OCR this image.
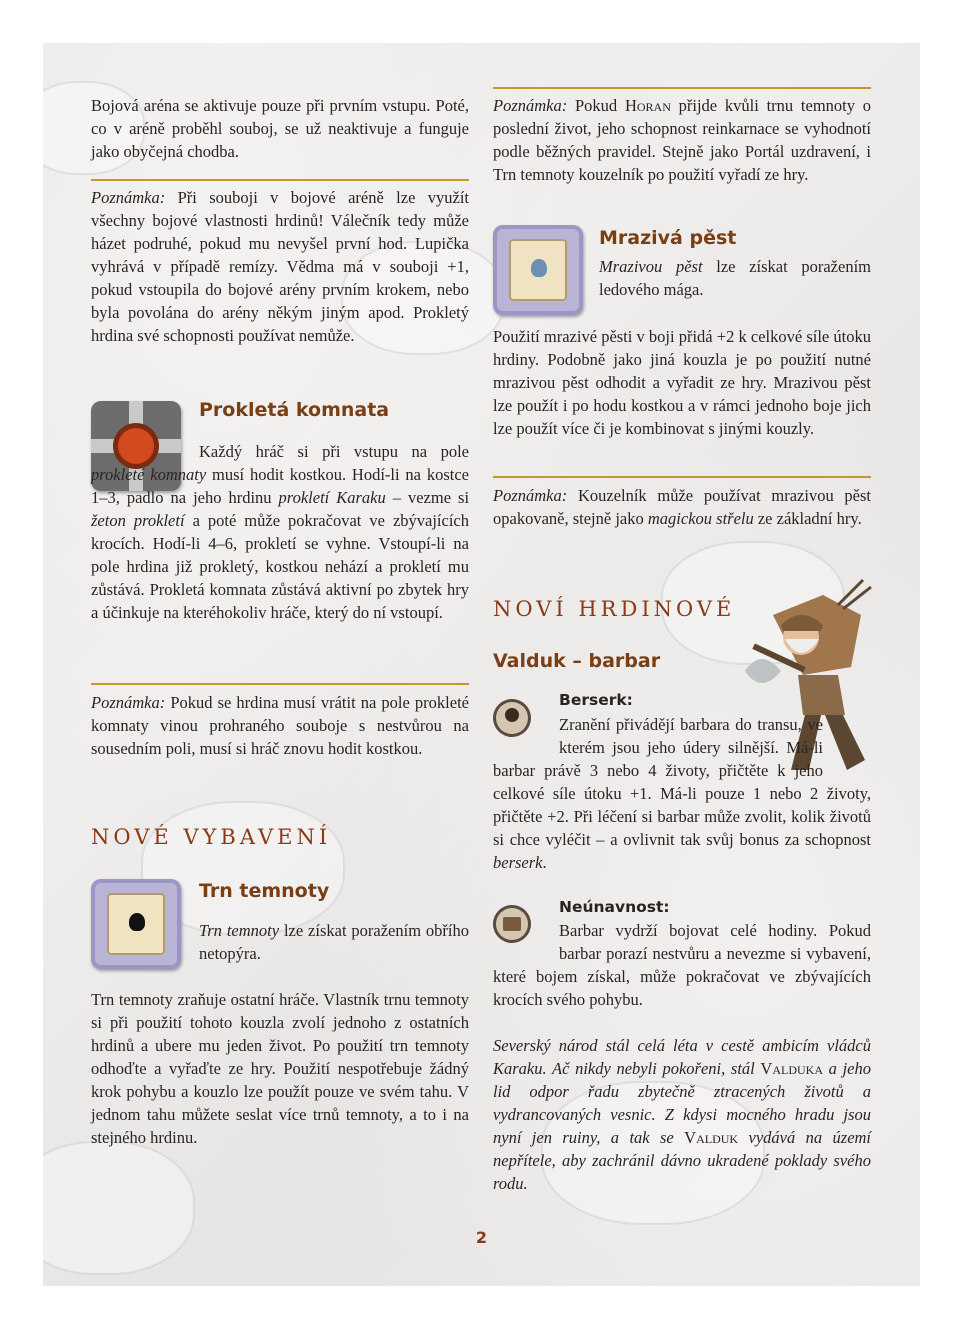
Bojová aréna se aktivuje pouze při prvním vstupu. Poté, co v aréně proběhl souboj, se už neaktivuje a funguje jako obyčejná chodba.

Poznámka: Při souboji v bojové aréně lze využít všechny bojové vlastnosti hrdinů! Válečník tedy může házet podruhé, pokud mu nevyšel první hod. Lupička vyhrává v případě remízy. Vědma má v souboji +1, pokud vstoupila do bojové arény prvním krokem, nebo byla povolána do arény někým jiným apod. Prokletý hrdina své schopnosti používat nemůže.

Prokletá komnata

Každý hráč si při vstupu na pole prokleté komnaty musí hodit kostkou. Hodí-li na kostce 1–3, padlo na jeho hrdinu prokletí Karaku – vezme si žeton prokletí a poté může pokračovat ve zbývajících krocích. Hodí-li 4–6, prokletí se vyhne. Vstoupí-li na pole hrdina již prokletý, kostkou nehází a prokletí mu zůstává. Prokletá komnata zůstává aktivní po zbytek hry a účinkuje na kteréhokoliv hráče, který do ní vstoupí.

Poznámka: Pokud se hrdina musí vrátit na pole prokleté komnaty vinou prohraného souboje s nestvůrou na sousedním poli, musí si hráč znovu hodit kostkou.

NOVÉ VYBAVENÍ
Trn temnoty

Trn temnoty lze získat poražením obřího netopýra.

Trn temnoty zraňuje ostatní hráče. Vlastník trnu temnoty si při použití tohoto kouzla zvolí jednoho z ostatních hrdinů a ubere mu jeden život. Po použití trn temnoty odhoďte a vyřaďte ze hry. Použití nespotřebuje žádný krok pohybu a kouzlo lze použít pouze ve svém tahu. V jednom tahu můžete seslat více trnů temnoty, a to i na stejného hrdinu.

Poznámka: Pokud Horan přijde kvůli trnu temnoty o poslední život, jeho schopnost reinkarnace se vyhodnotí podle běžných pravidel. Stejně jako Portál uzdravení, i Trn temnoty kouzelník po použití vyřadí ze hry.

Mrazivá pěst

Mrazivou pěst lze získat poražením ledového mága.

Použití mrazivé pěsti v boji přidá +2 k celkové síle útoku hrdiny. Podobně jako jiná kouzla je po použití nutné mrazivou pěst odhodit a vyřadit ze hry. Mrazivou pěst lze použít i po hodu kostkou a v rámci jednoho boje jich lze použít více či je kombinovat s jinými kouzly.

Poznámka: Kouzelník může používat mrazivou pěst opakovaně, stejně jako magickou střelu ze základní hry.

NOVÍ HRDINOVÉ
Valduk – barbar
Berserk:

Zranění přivádějí barbara do transu, ve kterém jsou jeho údery silnější. Má-li barbar právě 3 nebo 4 životy, přičtěte k jeho celkové síle útoku +1. Má-li pouze 1 nebo 2 životy, přičtěte +2. Při léčení si barbar může zvolit, kolik životů si chce vyléčit – a ovlivnit tak svůj bonus za schopnost berserk.

Neúnavnost:

Barbar vydrží bojovat celé hodiny. Pokud barbar porazí nestvůru a nevezme si vybavení, které bojem získal, může pokračovat ve zbývajících krocích svého pohybu.

Severský národ stál celá léta v cestě ambicím vládců Karaku. Ač nikdy nebyli pokořeni, stál Valduka a jeho lid odpor řadu zbytečně ztracených životů a vydrancovaných vesnic. Z kdysi mocného hradu jsou nyní jen ruiny, a tak se Valduk vydává na území nepřítele, aby zachránil dávno ukradené poklady svého rodu.

2
